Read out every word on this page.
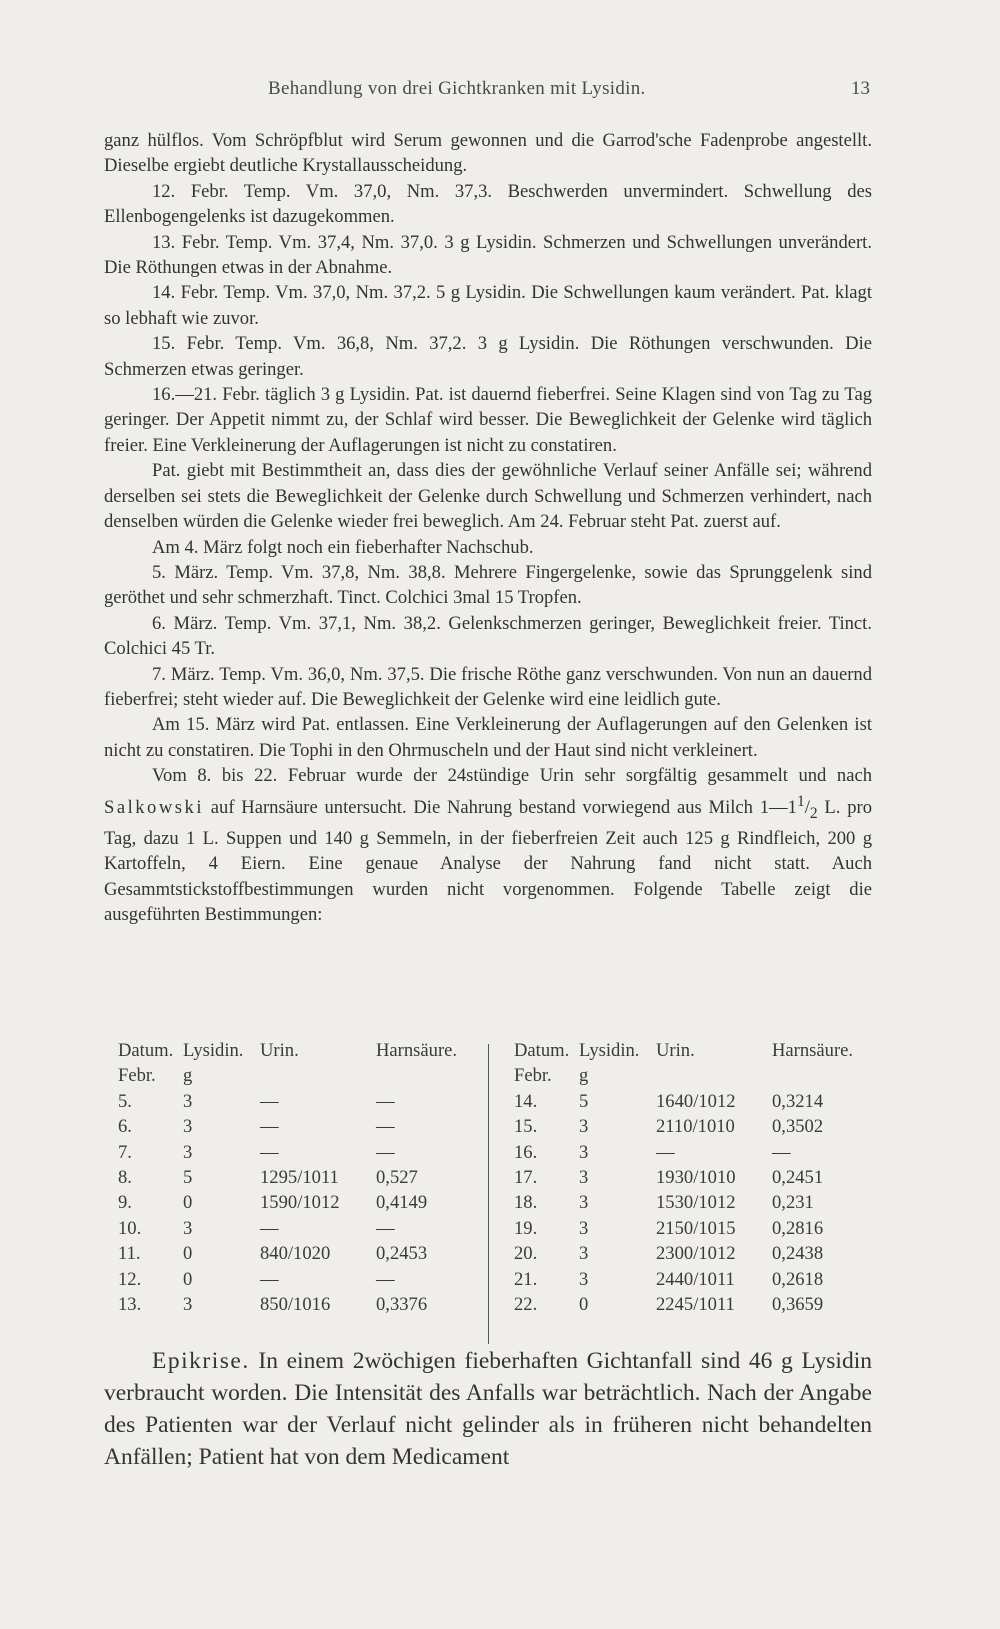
Behandlung von drei Gichtkranken mit Lysidin.	13

ganz hülflos. Vom Schröpfblut wird Serum gewonnen und die Garrod'sche Fadenprobe angestellt. Dieselbe ergiebt deutliche Krystallausscheidung.

12. Febr. Temp. Vm. 37,0, Nm. 37,3. Beschwerden unvermindert. Schwellung des Ellenbogengelenks ist dazugekommen.

13. Febr. Temp. Vm. 37,4, Nm. 37,0. 3 g Lysidin. Schmerzen und Schwellungen unverändert. Die Röthungen etwas in der Abnahme.

14. Febr. Temp. Vm. 37,0, Nm. 37,2. 5 g Lysidin. Die Schwellungen kaum verändert. Pat. klagt so lebhaft wie zuvor.

15. Febr. Temp. Vm. 36,8, Nm. 37,2. 3 g Lysidin. Die Röthungen verschwunden. Die Schmerzen etwas geringer.

16.—21. Febr. täglich 3 g Lysidin. Pat. ist dauernd fieberfrei. Seine Klagen sind von Tag zu Tag geringer. Der Appetit nimmt zu, der Schlaf wird besser. Die Beweglichkeit der Gelenke wird täglich freier. Eine Verkleinerung der Auflagerungen ist nicht zu constatiren.

Pat. giebt mit Bestimmtheit an, dass dies der gewöhnliche Verlauf seiner Anfälle sei; während derselben sei stets die Beweglichkeit der Gelenke durch Schwellung und Schmerzen verhindert, nach denselben würden die Gelenke wieder frei beweglich. Am 24. Februar steht Pat. zuerst auf.

Am 4. März folgt noch ein fieberhafter Nachschub.

5. März. Temp. Vm. 37,8, Nm. 38,8. Mehrere Fingergelenke, sowie das Sprunggelenk sind geröthet und sehr schmerzhaft. Tinct. Colchici 3mal 15 Tropfen.

6. März. Temp. Vm. 37,1, Nm. 38,2. Gelenkschmerzen geringer, Beweglichkeit freier. Tinct. Colchici 45 Tr.

7. März. Temp. Vm. 36,0, Nm. 37,5. Die frische Röthe ganz verschwunden. Von nun an dauernd fieberfrei; steht wieder auf. Die Beweglichkeit der Gelenke wird eine leidlich gute.

Am 15. März wird Pat. entlassen. Eine Verkleinerung der Auflagerungen auf den Gelenken ist nicht zu constatiren. Die Tophi in den Ohrmuscheln und der Haut sind nicht verkleinert.

Vom 8. bis 22. Februar wurde der 24stündige Urin sehr sorgfältig gesammelt und nach Salkowski auf Harnsäure untersucht. Die Nahrung bestand vorwiegend aus Milch $1—1^1/_2$ L. pro Tag, dazu 1 L. Suppen und 140 g Semmeln, in der fieberfreien Zeit auch 125 g Rindfleich, 200 g Kartoffeln, 4 Eiern. Eine genaue Analyse der Nahrung fand nicht statt. Auch Gesammtstickstoffbestimmungen wurden nicht vorgenommen. Folgende Tabelle zeigt die ausgeführten Bestimmungen:

Datum. Lysidin. Urin.	Harnsäure.
Febr. g
5.	3	—	—
6.	3	—	—
7.	3	—	—
8.	5	1295/1011 0,527
9.	0	1590/1012 0,4149
10. 3	—	—
11. 0	840/1020 0,2453
12. 0	—	—
13. 3	850/1016 0,3376
Datum. Lysidin. Urin.	Harnsäure.
Febr. g
14. 5	1640/1012 0,3214
15. 3	2110/1010 0,3502
16. 3	—	—
17. 3	1930/1010 0,2451
18. 3	1530/1012 0,231
19. 3	2150/1015 0,2816
20. 3	2300/1012 0,2438
21. 3	2440/1011 0,2618
22. 0	2245/1011 0,3659

Epikrise. In einem 2wöchigen fieberhaften Gichtanfall sind 46 g Lysidin verbraucht worden. Die Intensität des Anfalls war beträchtlich. Nach der Angabe des Patienten war der Verlauf nicht gelinder als in früheren nicht behandelten Anfällen; Patient hat von dem Medicament
